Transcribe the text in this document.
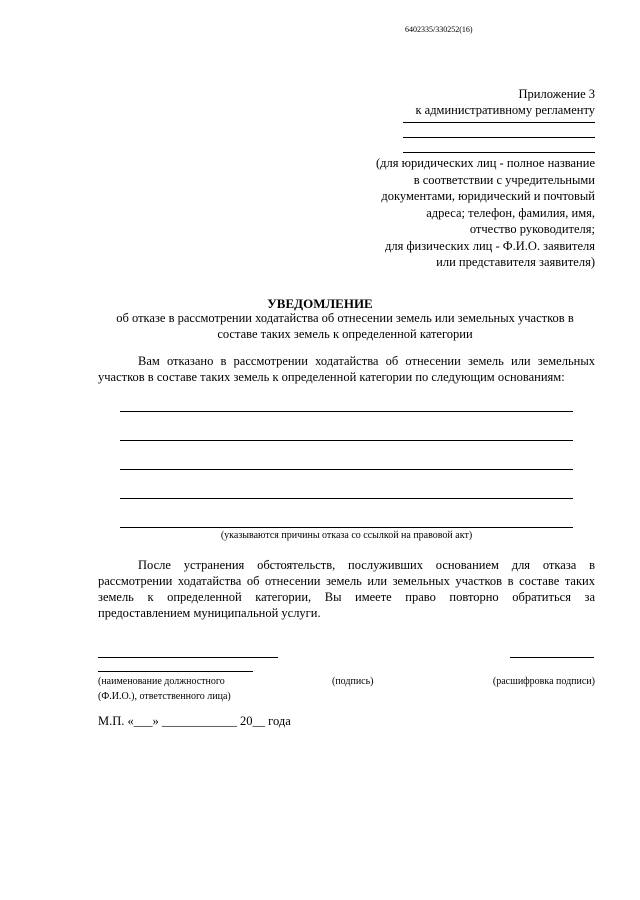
6402335/330252(16)
Приложение 3
к административному регламенту
(для юридических лиц - полное название
в соответствии с учредительными
документами, юридический и почтовый
адреса; телефон, фамилия, имя,
отчество руководителя;
для физических лиц - Ф.И.О. заявителя
или представителя заявителя)
УВЕДОМЛЕНИЕ
об отказе в рассмотрении ходатайства об отнесении земель или земельных участков в составе таких земель к определенной категории
Вам отказано в рассмотрении ходатайства об отнесении земель или земельных участков в составе таких земель к определенной категории по следующим основаниям:
(указываются причины отказа со ссылкой на правовой акт)
После устранения обстоятельств, послуживших основанием для отказа в рассмотрении ходатайства об отнесении земель или земельных участков в составе таких земель к определенной категории, Вы имеете право повторно обратиться за предоставлением муниципальной услуги.
(наименование должностного
(Ф.И.О.), ответственного лица)
(подпись)	(расшифровка подписи)
М.П. «___» ____________ 20__ года
